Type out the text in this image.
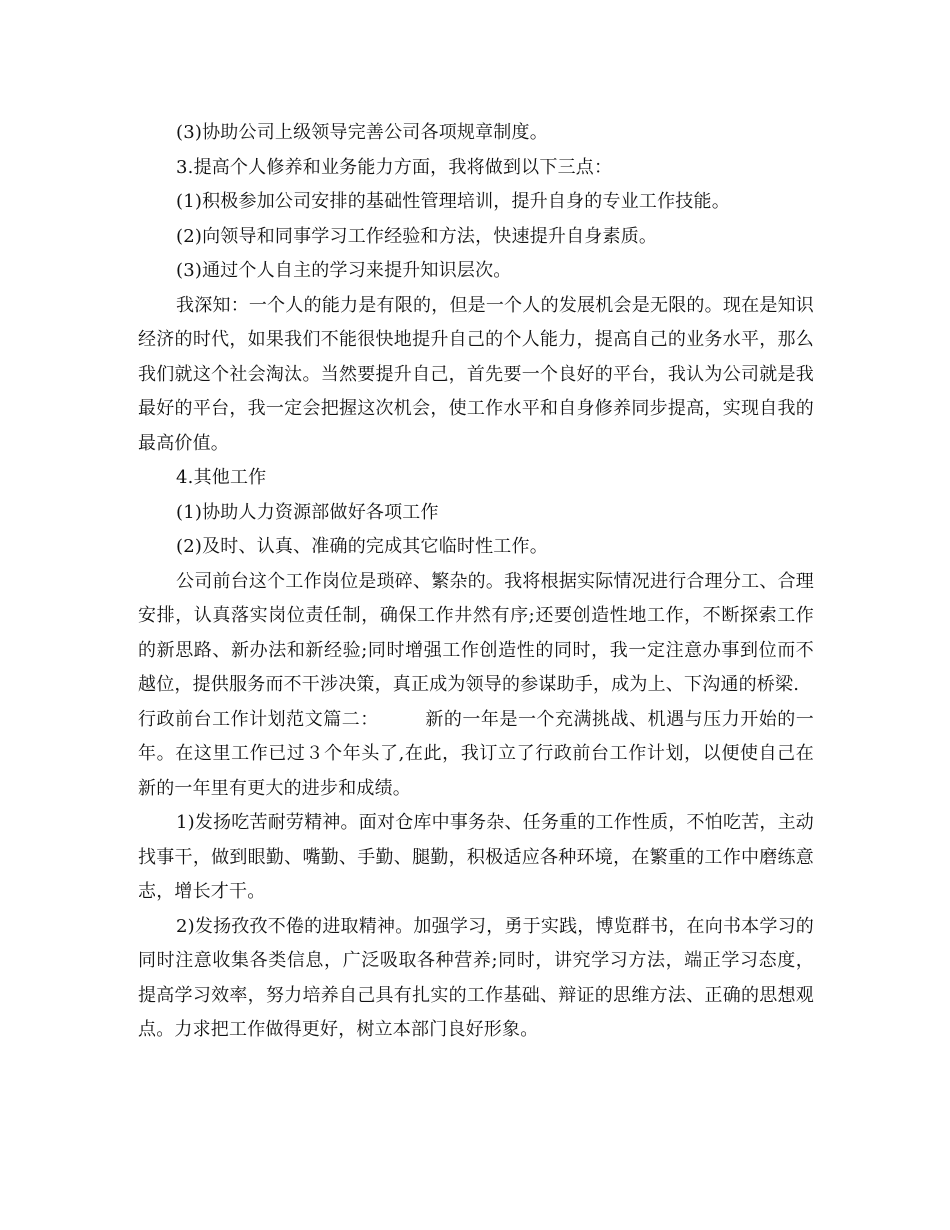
(3)协助公司上级领导完善公司各项规章制度。

3.提高个人修养和业务能力方面，我将做到以下三点：

(1)积极参加公司安排的基础性管理培训，提升自身的专业工作技能。

(2)向领导和同事学习工作经验和方法，快速提升自身素质。

(3)通过个人自主的学习来提升知识层次。

我深知：一个人的能力是有限的，但是一个人的发展机会是无限的。现在是知识经济的时代，如果我们不能很快地提升自己的个人能力，提高自己的业务水平，那么我们就这个社会淘汰。当然要提升自己，首先要一个良好的平台，我认为公司就是我最好的平台，我一定会把握这次机会，使工作水平和自身修养同步提高，实现自我的最高价值。

4.其他工作

(1)协助人力资源部做好各项工作

(2)及时、认真、准确的完成其它临时性工作。

公司前台这个工作岗位是琐碎、繁杂的。我将根据实际情况进行合理分工、合理安排，认真落实岗位责任制，确保工作井然有序;还要创造性地工作，不断探索工作的新思路、新办法和新经验;同时增强工作创造性的同时，我一定注意办事到位而不越位，提供服务而不干涉决策，真正成为领导的参谋助手，成为上、下沟通的桥梁.

行政前台工作计划范文篇二：　　　新的一年是一个充满挑战、机遇与压力开始的一年。在这里工作已过３个年头了,在此，我订立了行政前台工作计划，以便使自己在新的一年里有更大的进步和成绩。

1)发扬吃苦耐劳精神。面对仓库中事务杂、任务重的工作性质，不怕吃苦，主动找事干，做到眼勤、嘴勤、手勤、腿勤，积极适应各种环境，在繁重的工作中磨练意志，增长才干。

2)发扬孜孜不倦的进取精神。加强学习，勇于实践，博览群书，在向书本学习的同时注意收集各类信息，广泛吸取各种营养;同时，讲究学习方法，端正学习态度，提高学习效率，努力培养自己具有扎实的工作基础、辩证的思维方法、正确的思想观点。力求把工作做得更好，树立本部门良好形象。
